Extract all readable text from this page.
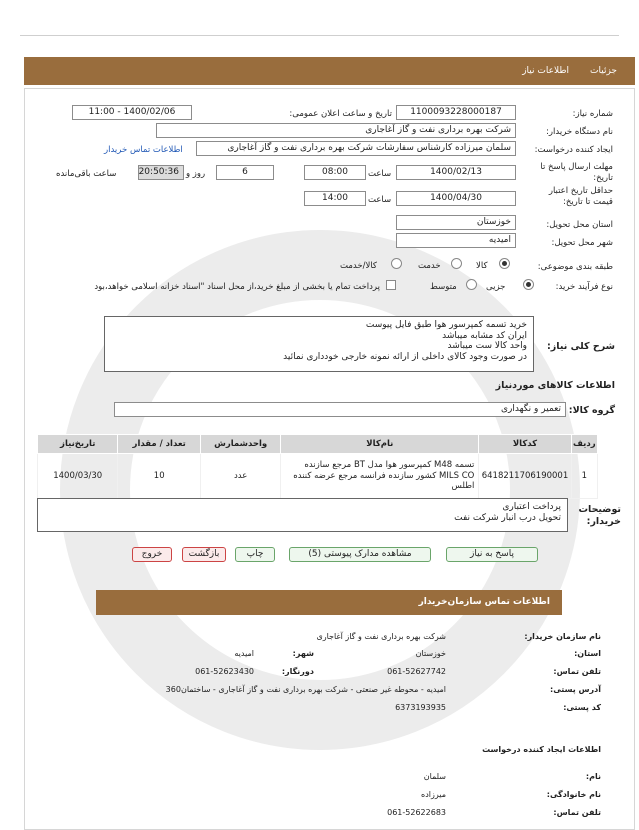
جزئیات
اطلاعات نیاز
شماره نیاز:
1100093228000187
تاریخ و ساعت اعلان عمومی:
1400/02/06 - 11:00
نام دستگاه خریدار:
شرکت بهره برداری نفت و گاز آغاجاری
ایجاد کننده درخواست:
سلمان میرزاده کارشناس سفارشات شرکت بهره برداری نفت و گاز آغاجاری
اطلاعات تماس خریدار
مهلت ارسال پاسخ تا تاریخ:
1400/02/13
ساعت
08:00
6
روز و
20:50:36
ساعت باقی‌مانده
حداقل تاریخ اعتبار قیمت تا تاریخ:
1400/04/30
ساعت
14:00
استان محل تحویل:
خوزستان
شهر محل تحویل:
امیدیه
طبقه بندی موضوعی:
کالا
خدمت
کالا/خدمت
نوع فرآیند خرید:
جزیی
متوسط
پرداخت تمام یا بخشی از مبلغ خرید،از محل اسناد "اسناد خزانه اسلامی خواهد،بود
شرح کلی نیاز:
خرید تسمه کمپرسور هوا طبق فایل پیوست
ایران کد مشابه میباشد
واحد کالا ست میباشد
در صورت وجود کالای داخلی از ارائه نمونه خارجی خودداری نمائید
اطلاعات کالاهای موردنیاز
گروه کالا:
تعمیر و نگهداری
ردیف	کدکالا	نام‌کالا	واحدشمارش	تعداد / مقدار	تاریخ‌نیاز
1	6418211706190001	تسمه M48 کمپرسور هوا مدل BT مرجع سازنده MILS CO کشور سازنده فرانسه مرجع عرضه کننده اطلس	عدد	10	1400/03/30
توضیحات خریدار:
پرداخت اعتباری
تحویل درب انبار شرکت نفت
پاسخ به نیاز
مشاهده مدارک پیوستی (5)
چاپ
بازگشت
خروج
اطلاعات تماس سازمان‌خریدار
نام سازمان خریدار:
شرکت بهره برداری نفت و گاز آغاجاری
استان:
خوزستان
شهر:
امیدیه
تلفن تماس:
061-52627742
دورنگار:
061-52623430
آدرس پستی:
امیدیه - محوطه غیر صنعتی - شرکت بهره برداری نفت و گاز آغاجاری - ساختمان360
کد پستی:
6373193935
اطلاعات ایجاد کننده درخواست
نام:
سلمان
نام خانوادگی:
میرزاده
تلفن تماس:
061-52622683
